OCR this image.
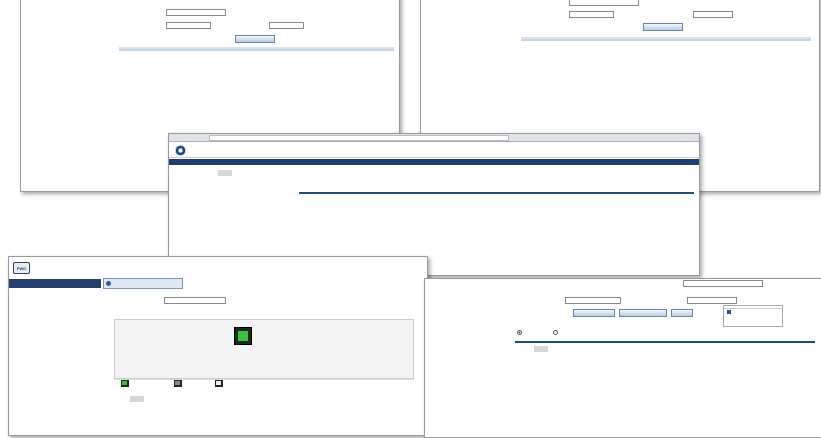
PWD
